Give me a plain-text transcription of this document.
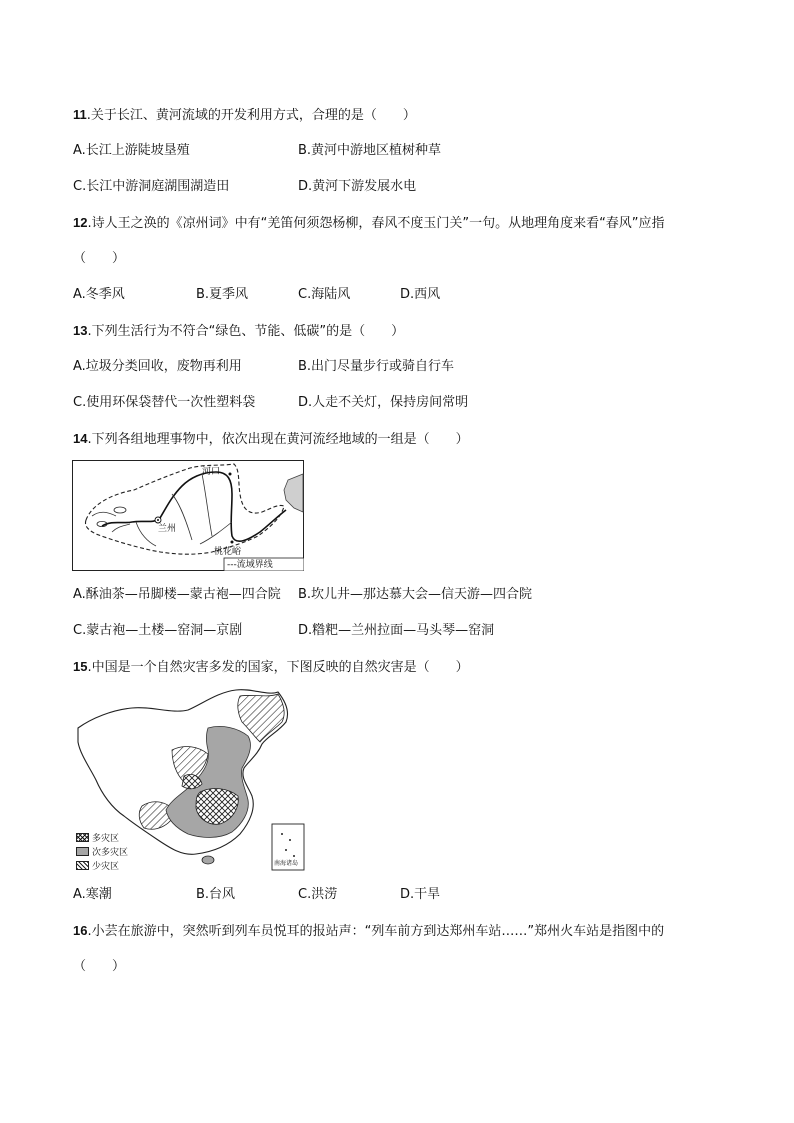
11.关于长江、黄河流域的开发利用方式，合理的是（　　）
A.长江上游陡坡垦殖	B.黄河中游地区植树种草
C.长江中游洞庭湖围湖造田	D.黄河下游发展水电
12.诗人王之涣的《凉州词》中有“羌笛何须怨杨柳，春风不度玉门关”一句。从地理角度来看“春风”应指
（　　）
A.冬季风	B.夏季风	C.海陆风	D.西风
13.下列生活行为不符合“绿色、节能、低碳”的是（　　）
A.垃圾分类回收，废物再利用	B.出门尽量步行或骑自行车
C.使用环保袋替代一次性塑料袋	D.人走不关灯，保持房间常明
14.下列各组地理事物中，依次出现在黄河流经地域的一组是（　　）
河口
兰州
桃花峪
---流域界线
A.酥油茶—吊脚楼—蒙古袍—四合院 B.坎儿井—那达慕大会—信天游—四合院
C.蒙古袍—土楼—窑洞—京剧	D.糌粑—兰州拉面—马头琴—窑洞
15.中国是一个自然灾害多发的国家，下图反映的自然灾害是（　　）
南海诸岛
多灾区
次多灾区
少灾区
A.寒潮	B.台风	C.洪涝	D.干旱
16.小芸在旅游中，突然听到列车员悦耳的报站声：“列车前方到达郑州车站……”郑州火车站是指图中的
（　　）
